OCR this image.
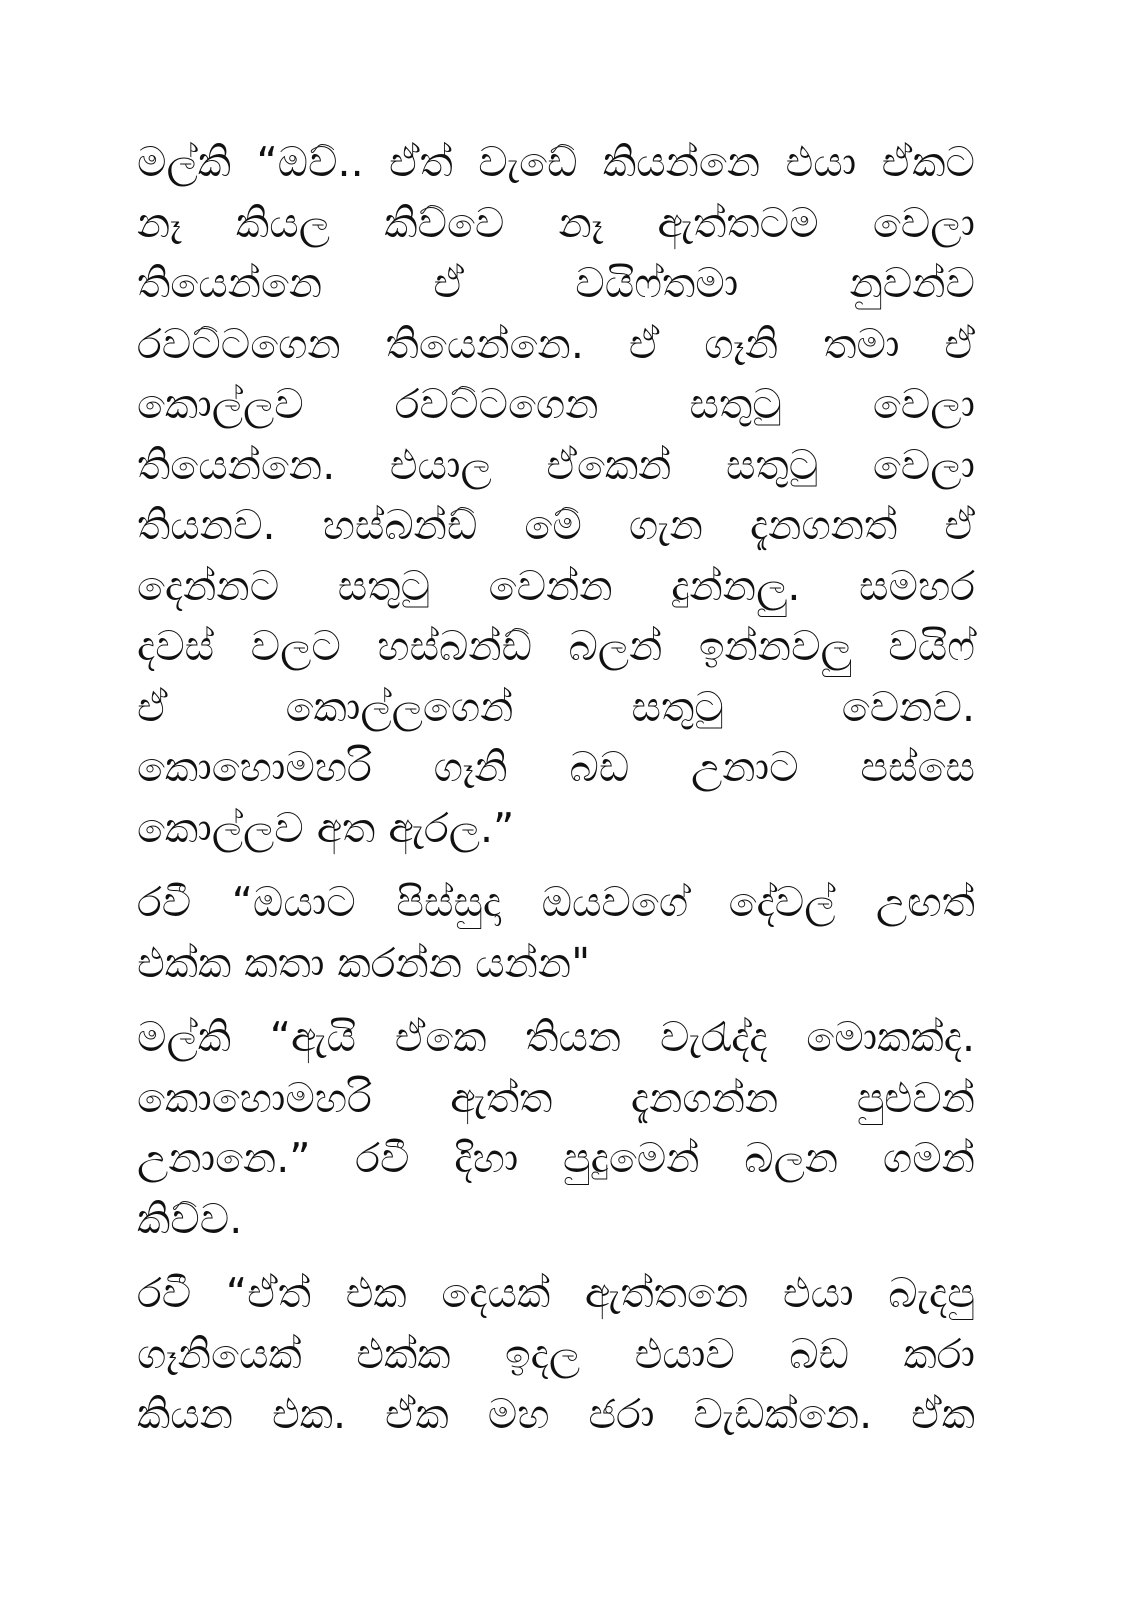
මල්කි “ඔව්.. ඒත් වැඩේ කියන්නෙ එයා ඒකට
නෑ කියල කිව්වෙ නෑ ඇත්තටම වෙලා
තියෙන්නෙ ඒ වයිෆ්තමා නුවන්ව
රවට්ටගෙන තියෙන්නෙ. ඒ ගෑනි තමා ඒ
කොල්ලව රවට්ටගෙන සතුටු වෙලා
තියෙන්නෙ. එයාල ඒකෙන් සතුටු වෙලා
තියනව. හස්බන්ඩ් මේ ගැන දැනගනත් ඒ
දෙන්නට සතුටු වෙන්න දුන්නලු. සමහර
දවස් වලට හස්බන්ඩ් බලන් ඉන්නවලු වයිෆ්
ඒ කොල්ලගෙන් සතුටු වෙනව.
කොහොමහරි ගෑනි බඩ උනාට පස්සෙ
කොල්ලව අත ඇරල.”

රවී “ඔයාට පිස්සුදා ඔයවගේ දේවල් උඟත්
එක්ක කතා කරන්න යන්න"

මල්කි “ඇයි ඒකෙ තියන වැරැද්ද මොකක්ද.
කොහොමහරි ඇත්ත දැනගන්න පුළුවන්
උනානෙ.” රවී දිහා පුදුමෙන් බලන ගමන්
කිව්ව.

රවී “ඒත් එක දෙයක් ඇත්තනෙ එයා බැදපු
ගෑනියෙක් එක්ක ඉදල එයාව බඩ කරා
කියන එක. ඒක මහ ජරා වැඩක්නෙ. ඒක
